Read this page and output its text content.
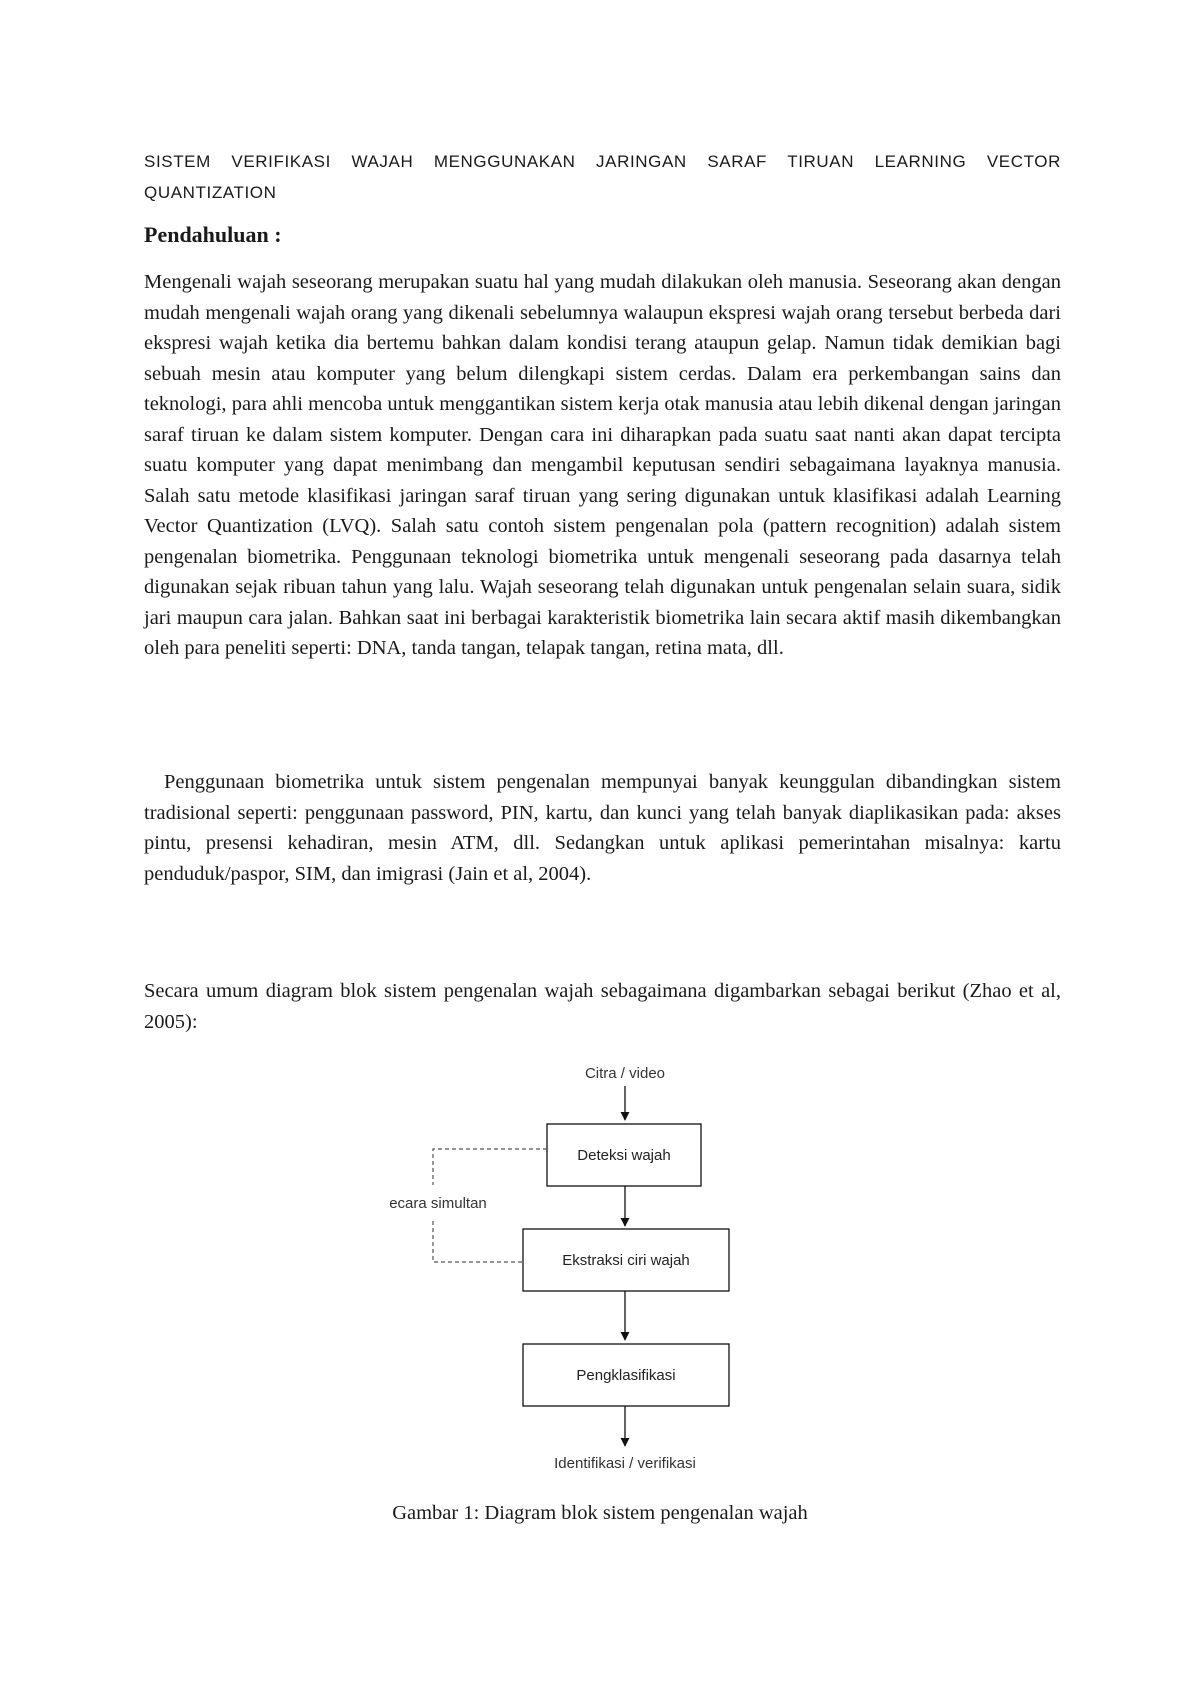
SISTEM VERIFIKASI WAJAH MENGGUNAKAN JARINGAN SARAF TIRUAN LEARNING VECTOR QUANTIZATION
Pendahuluan :

Mengenali wajah seseorang merupakan suatu hal yang mudah dilakukan oleh manusia. Seseorang akan dengan mudah mengenali wajah orang yang dikenali sebelumnya walaupun ekspresi wajah orang tersebut berbeda dari ekspresi wajah ketika dia bertemu bahkan dalam kondisi terang ataupun gelap. Namun tidak demikian bagi sebuah mesin atau komputer yang belum dilengkapi sistem cerdas. Dalam era perkembangan sains dan teknologi, para ahli mencoba untuk menggantikan sistem kerja otak manusia atau lebih dikenal dengan jaringan saraf tiruan ke dalam sistem komputer. Dengan cara ini diharapkan pada suatu saat nanti akan dapat tercipta suatu komputer yang dapat menimbang dan mengambil keputusan sendiri sebagaimana layaknya manusia. Salah satu metode klasifikasi jaringan saraf tiruan yang sering digunakan untuk klasifikasi adalah Learning Vector Quantization (LVQ). Salah satu contoh sistem pengenalan pola (pattern recognition) adalah sistem pengenalan biometrika. Penggunaan teknologi biometrika untuk mengenali seseorang pada dasarnya telah digunakan sejak ribuan tahun yang lalu. Wajah seseorang telah digunakan untuk pengenalan selain suara, sidik jari maupun cara jalan. Bahkan saat ini berbagai karakteristik biometrika lain secara aktif masih dikembangkan oleh para peneliti seperti: DNA, tanda tangan, telapak tangan, retina mata, dll.

Penggunaan biometrika untuk sistem pengenalan mempunyai banyak keunggulan dibandingkan sistem tradisional seperti: penggunaan password, PIN, kartu, dan kunci yang telah banyak diaplikasikan pada: akses pintu, presensi kehadiran, mesin ATM, dll. Sedangkan untuk aplikasi pemerintahan misalnya: kartu penduduk/paspor, SIM, dan imigrasi (Jain et al, 2004).

Secara umum diagram blok sistem pengenalan wajah sebagaimana digambarkan sebagai berikut (Zhao et al, 2005):

Citra / video
Deteksi wajah
Ekstraksi ciri wajah
Pengklasifikasi
Identifikasi / verifikasi
ecara simultan
Gambar 1: Diagram blok sistem pengenalan wajah
